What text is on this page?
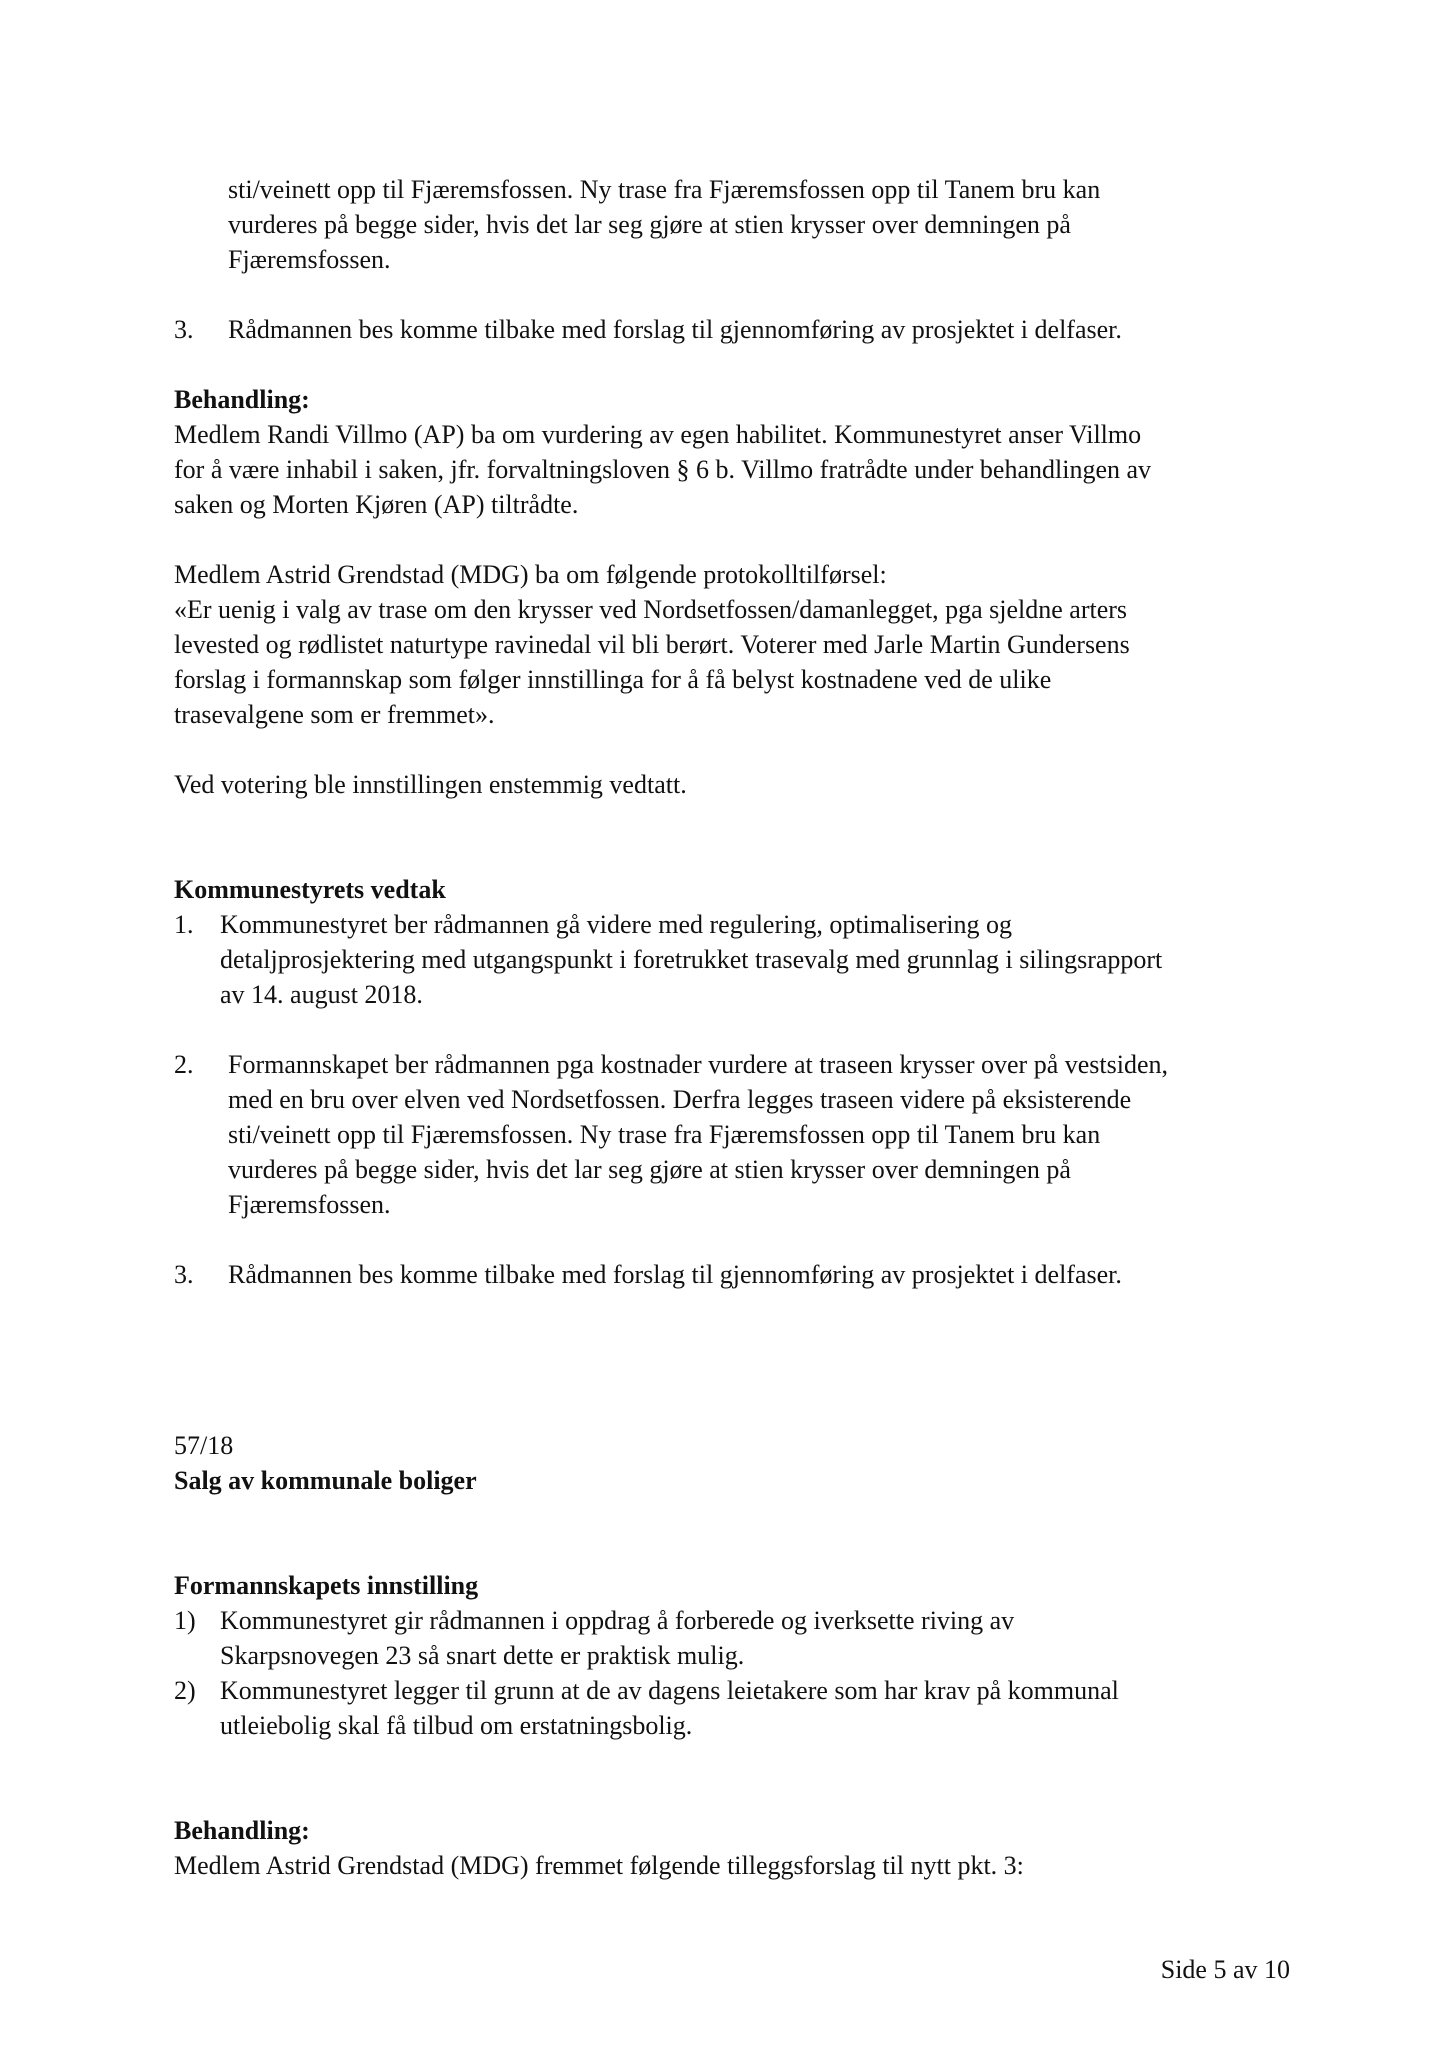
sti/veinett opp til Fjæremsfossen. Ny trase fra Fjæremsfossen opp til Tanem bru kan

vurderes på begge sider, hvis det lar seg gjøre at stien krysser over demningen på

Fjæremsfossen.

3. Rådmannen bes komme tilbake med forslag til gjennomføring av prosjektet i delfaser.

Behandling:

Medlem Randi Villmo (AP) ba om vurdering av egen habilitet. Kommunestyret anser Villmo

for å være inhabil i saken, jfr. forvaltningsloven § 6 b. Villmo fratrådte under behandlingen av

saken og Morten Kjøren (AP) tiltrådte.

Medlem Astrid Grendstad (MDG) ba om følgende protokolltilførsel:

«Er uenig i valg av trase om den krysser ved Nordsetfossen/damanlegget, pga sjeldne arters

levested og rødlistet naturtype ravinedal vil bli berørt. Voterer med Jarle Martin Gundersens

forslag i formannskap som følger innstillinga for å få belyst kostnadene ved de ulike

trasevalgene som er fremmet».

Ved votering ble innstillingen enstemmig vedtatt.

Kommunestyrets vedtak

1. Kommunestyret ber rådmannen gå videre med regulering, optimalisering og

detaljprosjektering med utgangspunkt i foretrukket trasevalg med grunnlag i silingsrapport

av 14. august 2018.

2. Formannskapet ber rådmannen pga kostnader vurdere at traseen krysser over på vestsiden,

med en bru over elven ved Nordsetfossen. Derfra legges traseen videre på eksisterende

sti/veinett opp til Fjæremsfossen. Ny trase fra Fjæremsfossen opp til Tanem bru kan

vurderes på begge sider, hvis det lar seg gjøre at stien krysser over demningen på

Fjæremsfossen.

3. Rådmannen bes komme tilbake med forslag til gjennomføring av prosjektet i delfaser.

57/18

Salg av kommunale boliger

Formannskapets innstilling

1) Kommunestyret gir rådmannen i oppdrag å forberede og iverksette riving av

Skarpsnovegen 23 så snart dette er praktisk mulig.

2) Kommunestyret legger til grunn at de av dagens leietakere som har krav på kommunal

utleiebolig skal få tilbud om erstatningsbolig.

Behandling:

Medlem Astrid Grendstad (MDG) fremmet følgende tilleggsforslag til nytt pkt. 3:

Side 5 av 10
